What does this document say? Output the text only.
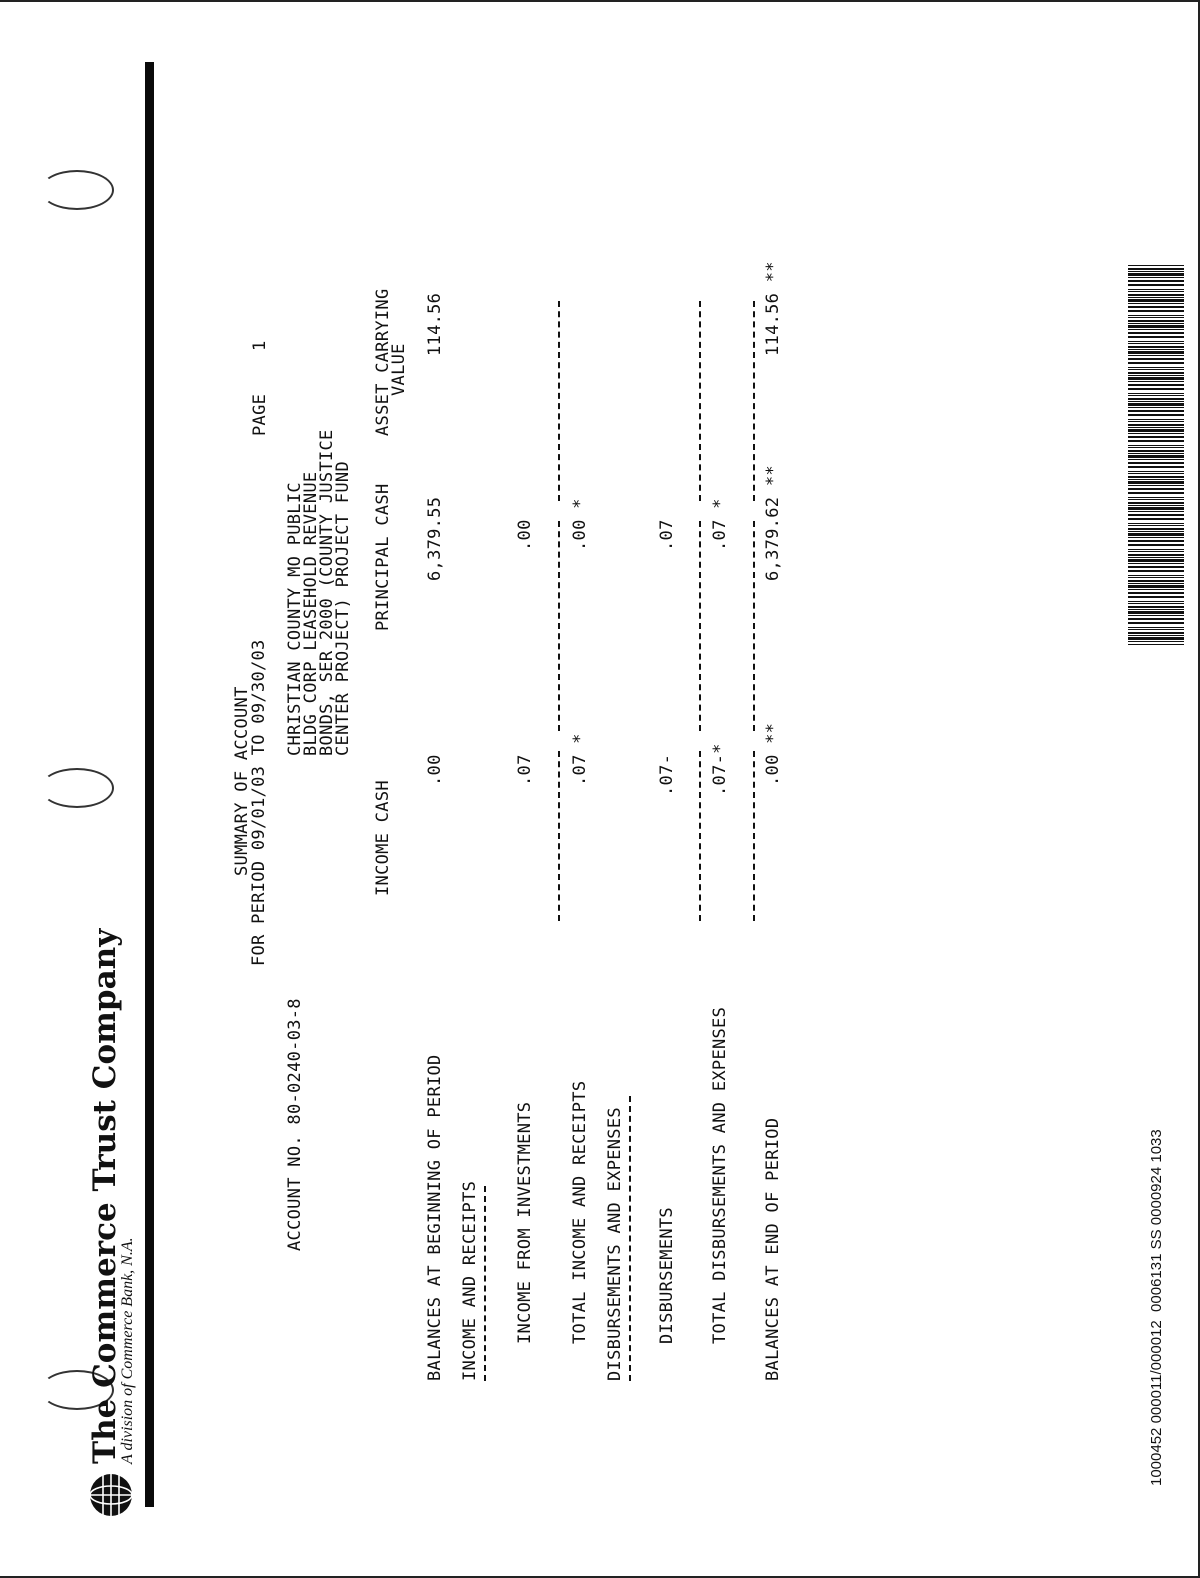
The Commerce Trust Company
A division of Commerce Bank, N.A.
SUMMARY OF ACCOUNT
FOR PERIOD 09/01/03 TO 09/30/03
PAGE
1
ACCOUNT NO. 80-0240-03-8
CHRISTIAN COUNTY MO PUBLIC
BLDG CORP LEASEHOLD REVENUE
BONDS, SER 2000 (COUNTY JUSTICE
CENTER PROJECT) PROJECT FUND
INCOME CASH
PRINCIPAL CASH
ASSET CARRYING
VALUE
BALANCES AT BEGINNING OF PERIOD
.00
6,379.55
114.56
INCOME AND RECEIPTS INCOME FROM INVESTMENTS
.07
.00
TOTAL INCOME AND RECEIPTS
.07 *
.00 *
DISBURSEMENTS AND EXPENSES DISBURSEMENTS
.07-
.07
TOTAL DISBURSEMENTS AND EXPENSES
.07-*
.07 *
BALANCES AT END OF PERIOD
.00 **
6,379.62 **
114.56 **
1000452 000011/000012  0006131 SS 0000924 1033
